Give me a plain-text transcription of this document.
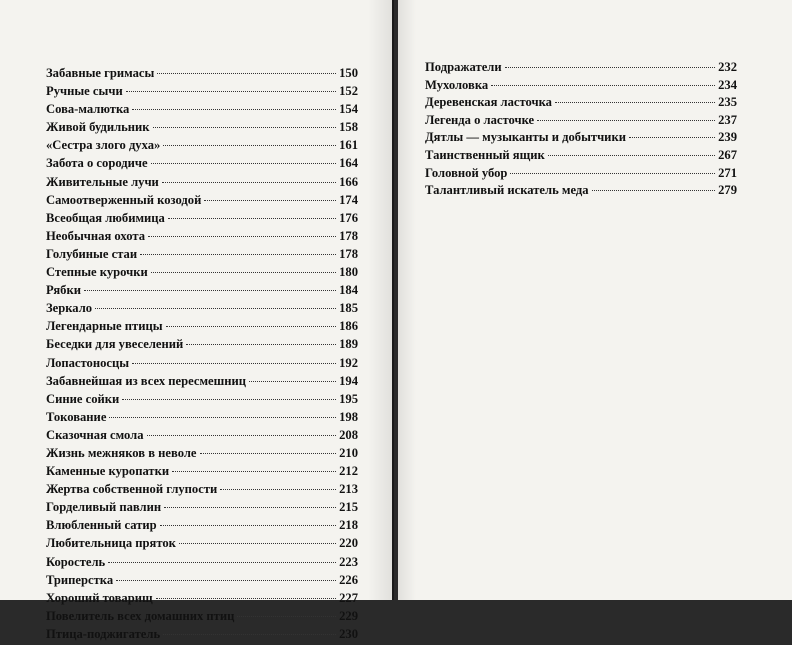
Забавные гримасы	150
Ручные сычи	152
Сова-малютка	154
Живой будильник	158
«Сестра злого духа»	161
Забота о сородиче	164
Живительные лучи	166
Самоотверженный козодой	174
Всеобщая любимица	176
Необычная охота	178
Голубиные стаи	178
Степные курочки	180
Рябки	184
Зеркало	185
Легендарные птицы	186
Беседки для увеселений	189
Лопастоносцы	192
Забавнейшая из всех пересмешниц	194
Синие сойки	195
Токование	198
Сказочная смола	208
Жизнь межняков в неволе	210
Каменные куропатки	212
Жертва собственной глупости	213
Горделивый павлин	215
Влюбленный сатир	218
Любительница пряток	220
Коростель	223
Триперстка	226
Хороший товарищ	227
Повелитель всех домашних птиц	229
Птица-поджигатель	230
Подражатели	232
Мухоловка	234
Деревенская ласточка	235
Легенда о ласточке	237
Дятлы — музыканты и добытчики	239
Таинственный ящик	267
Головной убор	271
Талантливый искатель меда	279
